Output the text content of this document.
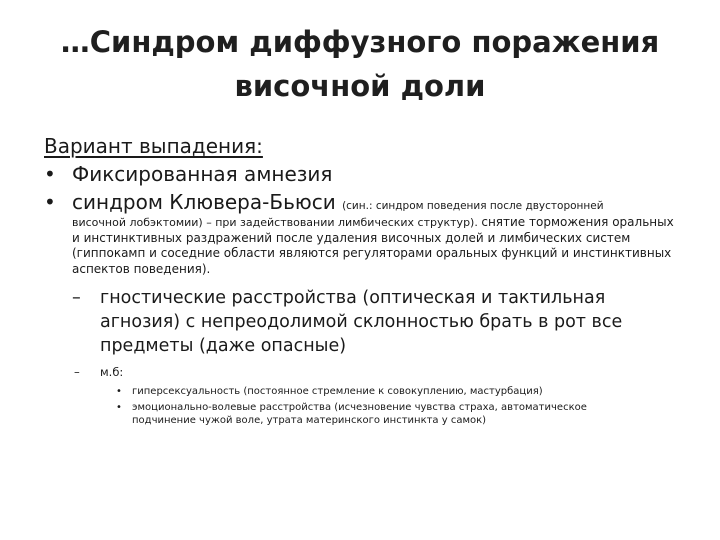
…Синдром диффузного поражения
височной доли

Вариант выпадения:

• Фиксированная амнезия
• синдром Клювера-Бьюси (син.: синдром поведения после двусторонней
височной лобэктомии) – при задействовании лимбических структур). снятие торможения оральных и инстинктивных раздражений после удаления височных долей и лимбических систем (гиппокамп и соседние области являются регуляторами оральных функций и инстинктивных аспектов поведения).
– гностические расстройства (оптическая и тактильная агнозия) с непреодолимой склонностью брать в рот все предметы (даже опасные)
– м.б:
• гиперсексуальность (постоянное стремление к совокуплению, мастурбация)
• эмоционально-волевые расстройства (исчезновение чувства страха, автоматическое подчинение чужой воле, утрата материнского инстинкта у самок)
